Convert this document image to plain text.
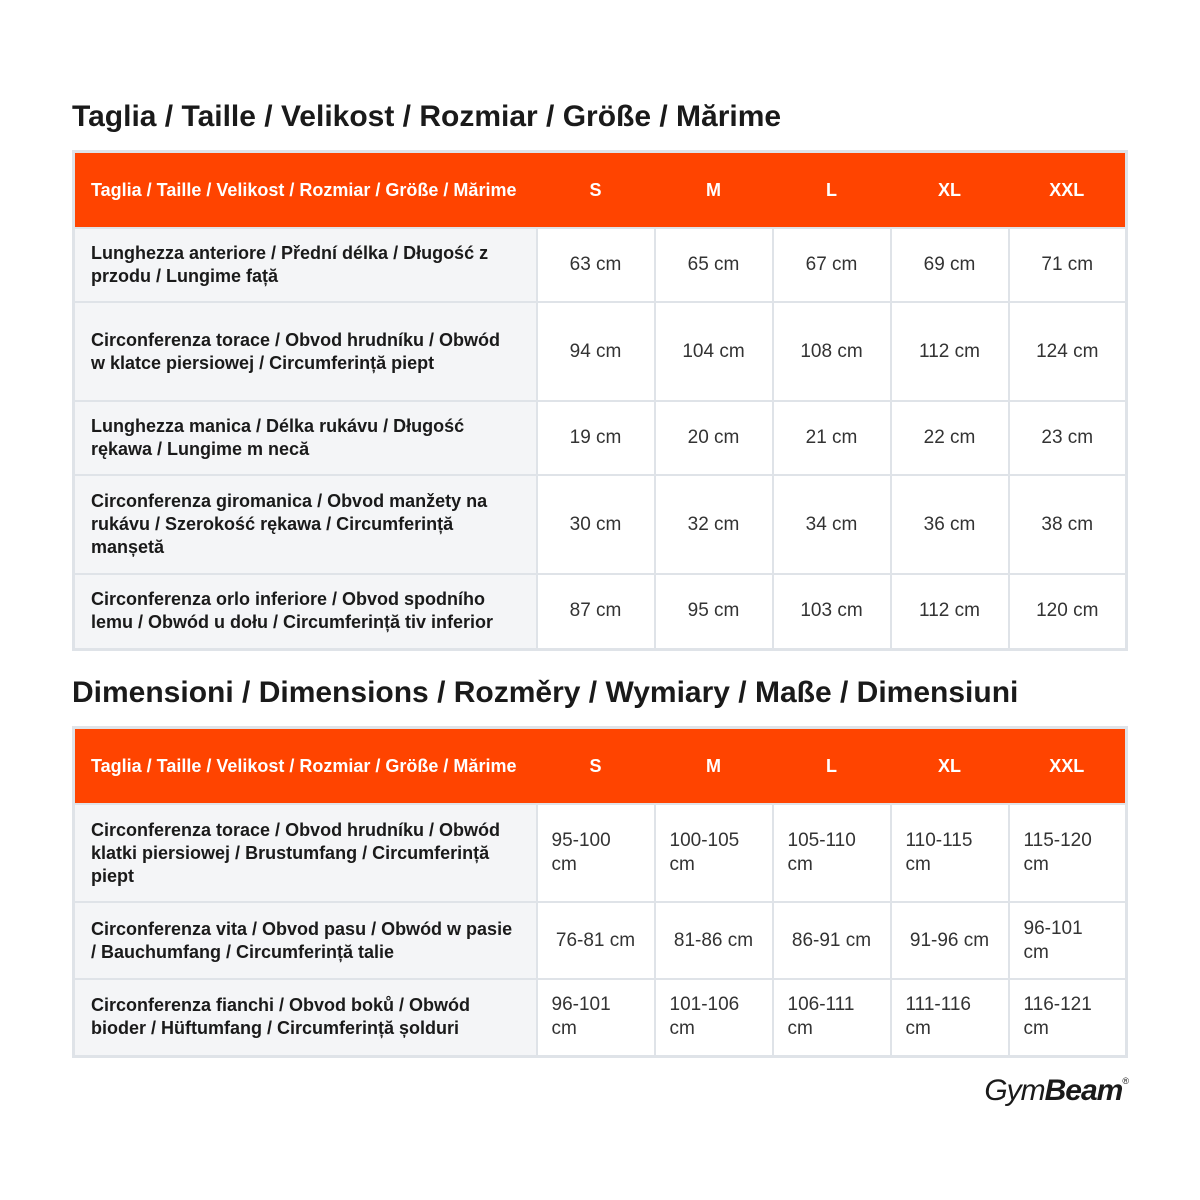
Taglia / Taille / Velikost / Rozmiar / Größe / Mărime
Taglia / Taille / Velikost / Rozmiar / Größe / Mărime	S	M	L	XL	XXL
Lunghezza anteriore / Přední délka / Długość z przodu / Lungime față	63 cm	65 cm	67 cm	69 cm	71 cm
Circonferenza torace / Obvod hrudníku / Obwód w klatce piersiowej / Circumferință piept	94 cm	104 cm	108 cm	112 cm	124 cm
Lunghezza manica / Délka rukávu / Długość rękawa / Lungime m necă	19 cm	20 cm	21 cm	22 cm	23 cm
Circonferenza giromanica / Obvod manžety na rukávu / Szerokość rękawa / Circumferință manșetă	30 cm	32 cm	34 cm	36 cm	38 cm
Circonferenza orlo inferiore / Obvod spodního lemu / Obwód u dołu / Circumferință tiv inferior	87 cm	95 cm	103 cm	112 cm	120 cm
Dimensioni / Dimensions / Rozměry / Wymiary / Maße / Dimensiuni
Taglia / Taille / Velikost / Rozmiar / Größe / Mărime	S	M	L	XL	XXL
Circonferenza torace / Obvod hrudníku / Obwód klatki piersiowej / Brustumfang / Circumferință piept	95-100 cm	100-105 cm	105-110 cm	110-115 cm	115-120 cm
Circonferenza vita / Obvod pasu / Obwód w pasie / Bauchumfang / Circumferință talie	76-81 cm	81-86 cm	86-91 cm	91-96 cm	96-101 cm
Circonferenza fianchi / Obvod boků / Obwód bioder / Hüftumfang / Circumferință șolduri	96-101 cm	101-106 cm	106-111 cm	111-116 cm	116-121 cm
GymBeam®
